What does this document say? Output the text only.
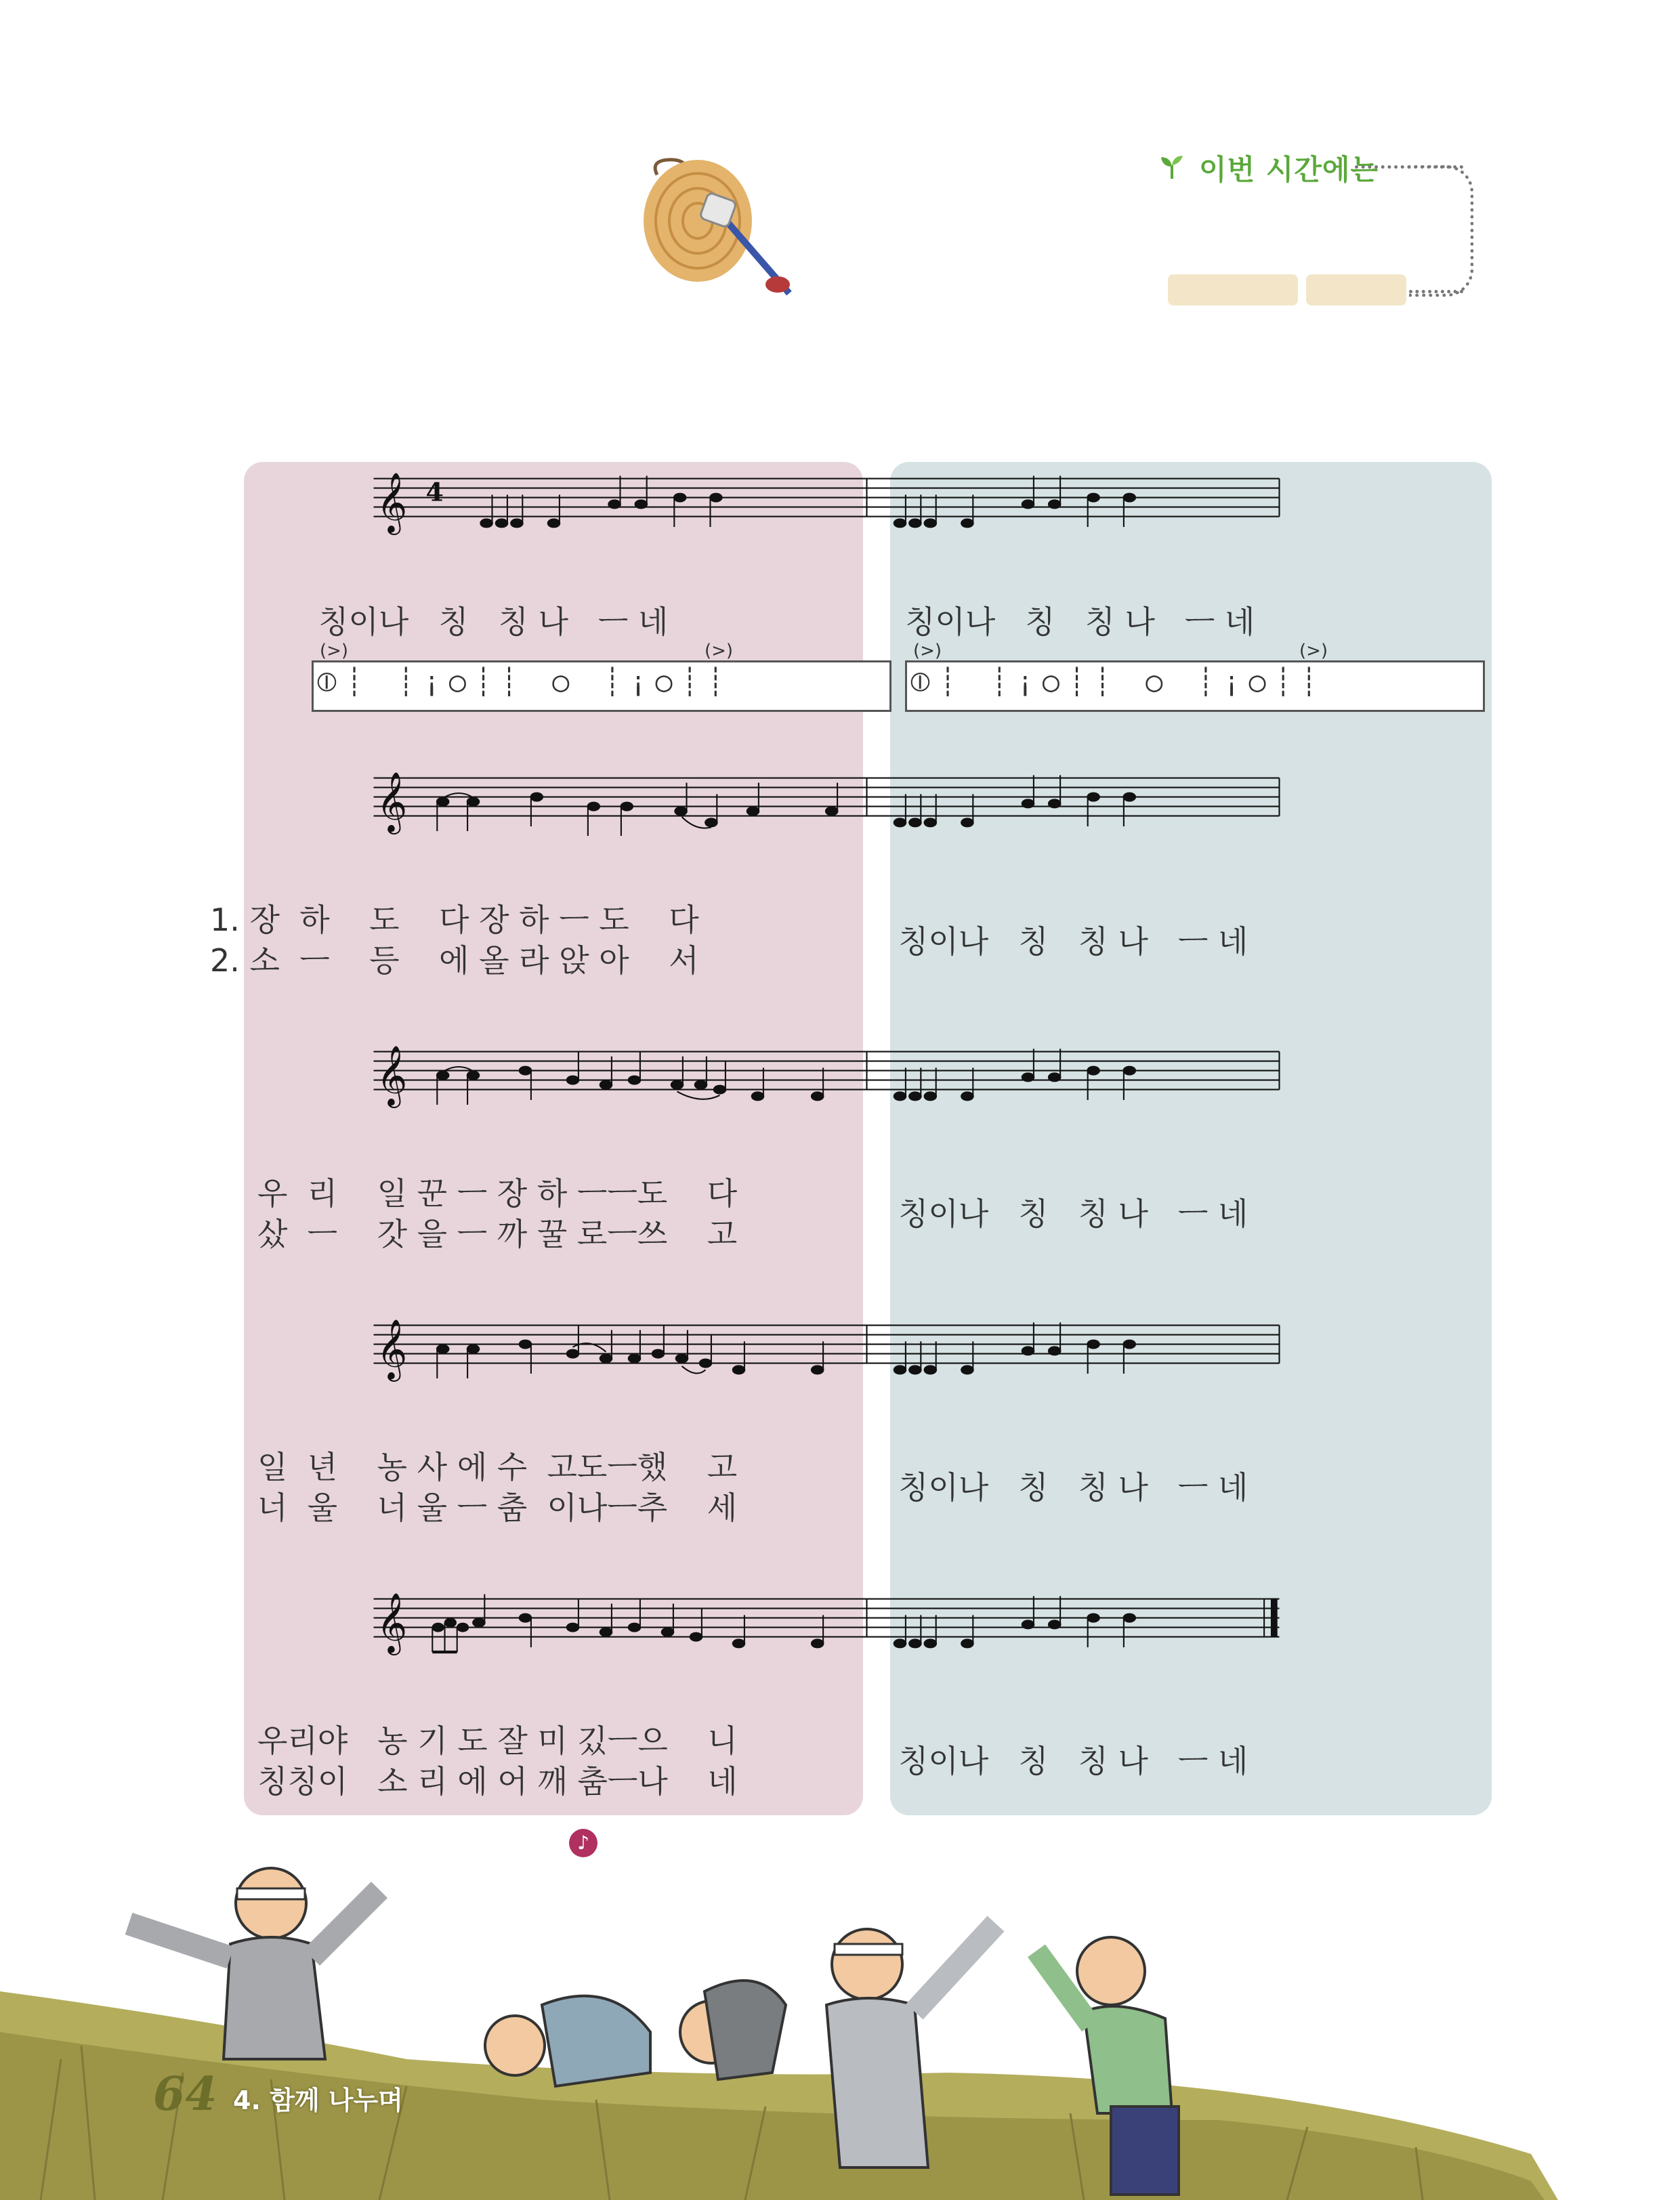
이번 시간에는
𝄞 4
𝄞
𝄞
𝄞
𝄞
(>)	(>)	(>)	(>)
⦶┊ ┊¡◯┊┊ ◯ ┊¡◯┊┊	⦶┊ ┊¡◯┊┊ ◯ ┊¡◯┊┊
칭이나   칭   칭 나   ㅡ 네	칭이나   칭   칭 나   ㅡ 네
1. 장  하    도    다 장 하 ㅡ 도    다
2. 소  ㅡ    등    에 올 라 앉 아    서
칭이나   칭   칭 나   ㅡ 네
우  리    일 꾼 ㅡ 장 하 ㅡㅡ도    다
샀  ㅡ    갓 을 ㅡ 까 꿀 로ㅡ쓰    고
칭이나   칭   칭 나   ㅡ 네
일  년    농 사 에 수  고도ㅡ했    고
너  울    너 울 ㅡ 춤  이나ㅡ추    세
칭이나   칭   칭 나   ㅡ 네
우리야   농 기 도 잘 미 깄ㅡ으    니
칭칭이   소 리 에 어 깨 춤ㅡ나    네
칭이나   칭   칭 나   ㅡ 네
♪
64 4. 함께 나누며
